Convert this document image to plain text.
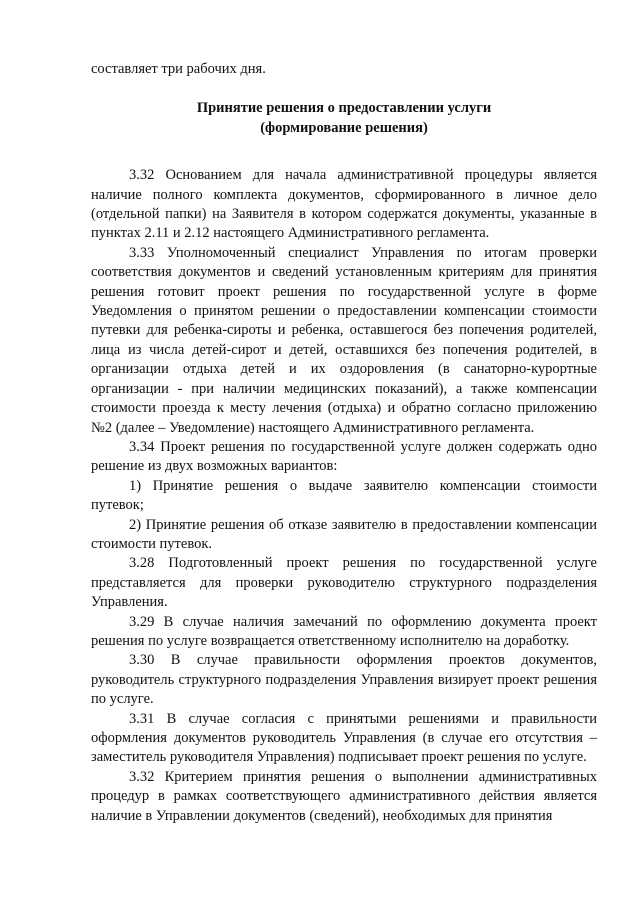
составляет три рабочих дня.

Принятие решения о предоставлении услуги
(формирование решения)

3.32 Основанием для начала административной процедуры является наличие полного комплекта документов, сформированного в личное дело (отдельной папки) на Заявителя в котором содержатся документы, указанные в пунктах 2.11 и 2.12 настоящего Административного регламента.

3.33 Уполномоченный специалист Управления по итогам проверки соответствия документов и сведений установленным критериям для принятия решения готовит проект решения по государственной услуге в форме Уведомления о принятом решении о предоставлении компенсации стоимости путевки для ребенка-сироты и ребенка, оставшегося без попечения родителей, лица из числа детей-сирот и детей, оставшихся без попечения родителей, в организации отдыха детей и их оздоровления (в санаторно-курортные организации - при наличии медицинских показаний), а также компенсации стоимости проезда к месту лечения (отдыха) и обратно согласно приложению №2 (далее – Уведомление) настоящего Административного регламента.

3.34 Проект решения по государственной услуге должен содержать одно решение из двух возможных вариантов:

1) Принятие решения о выдаче заявителю компенсации стоимости путевок;

2) Принятие решения об отказе заявителю в предоставлении компенсации стоимости путевок.

3.28 Подготовленный проект решения по государственной услуге представляется для проверки руководителю структурного подразделения Управления.

3.29 В случае наличия замечаний по оформлению документа проект решения по услуге возвращается ответственному исполнителю на доработку.

3.30 В случае правильности оформления проектов документов, руководитель структурного подразделения Управления визирует проект решения по услуге.

3.31 В случае согласия с принятыми решениями и правильности оформления документов руководитель Управления (в случае его отсутствия – заместитель руководителя Управления) подписывает проект решения по услуге.

3.32 Критерием принятия решения о выполнении административных процедур в рамках соответствующего административного действия является наличие в Управлении документов (сведений), необходимых для принятия
